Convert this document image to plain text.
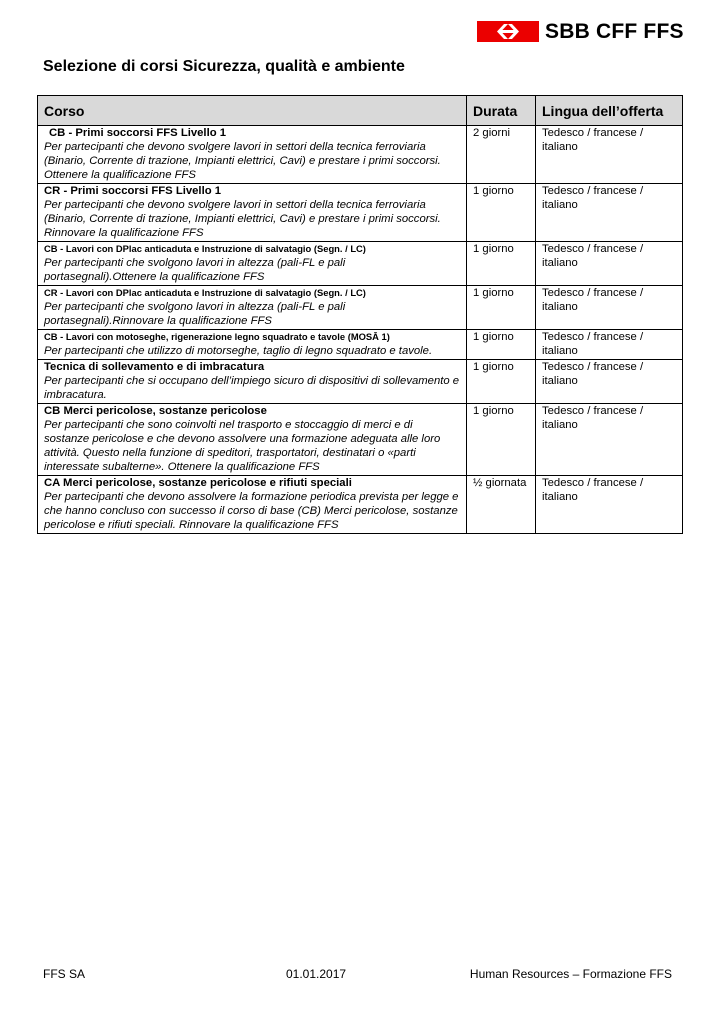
SBB CFF FFS
Selezione di corsi Sicurezza, qualità e ambiente
Corso	Durata	Lingua dell’offerta

CB - Primi soccorsi FFS Livello 1
Per partecipanti che devono svolgere lavori in settori della tecnica ferroviaria (Binario, Corrente di trazione, Impianti elettrici, Cavi) e prestare i primi soccorsi. Ottenere la qualificazione FFS	2 giorni	Tedesco / francese / italiano

CR - Primi soccorsi FFS Livello 1
Per partecipanti che devono svolgere lavori in settori della tecnica ferroviaria (Binario, Corrente di trazione, Impianti elettrici, Cavi) e prestare i primi soccorsi. Rinnovare la qualificazione FFS	1 giorno	Tedesco / francese / italiano

CB - Lavori con DPlac anticaduta e Instruzione di salvatagio (Segn. / LC)
Per partecipanti che svolgono lavori in altezza (pali-FL e pali portasegnali).Ottenere la qualificazione FFS	1 giorno	Tedesco / francese / italiano

CR - Lavori con DPlac anticaduta e Instruzione di salvatagio (Segn. / LC)
Per partecipanti che svolgono lavori in altezza (pali-FL e pali portasegnali).Rinnovare la qualificazione FFS	1 giorno	Tedesco / francese / italiano

CB - Lavori con motoseghe, rigenerazione legno squadrato e tavole (MOSĀ 1)
Per partecipanti che utilizzo di motorseghe, taglio di legno squadrato e tavole.	1 giorno	Tedesco / francese / italiano

Tecnica di sollevamento e di imbracatura
Per partecipanti che si occupano dell’impiego sicuro di dispositivi di sollevamento e imbracatura.	1 giorno	Tedesco / francese / italiano

CB Merci pericolose, sostanze pericolose
Per partecipanti che sono coinvolti nel trasporto e stoccaggio di merci e di sostanze pericolose e che devono assolvere una formazione adeguata alle loro attività. Questo nella funzione di speditori, trasportatori, destinatari o «parti interessate subalterne». Ottenere la qualificazione FFS	1 giorno	Tedesco / francese / italiano

CA Merci pericolose, sostanze pericolose e rifiuti speciali
Per partecipanti che devono assolvere la formazione periodica prevista per legge e che hanno concluso con successo il corso di base (CB) Merci pericolose, sostanze pericolose e rifiuti speciali. Rinnovare la qualificazione FFS	½ giornata	Tedesco / francese / italiano
FFS SA	01.01.2017	Human Resources – Formazione FFS
